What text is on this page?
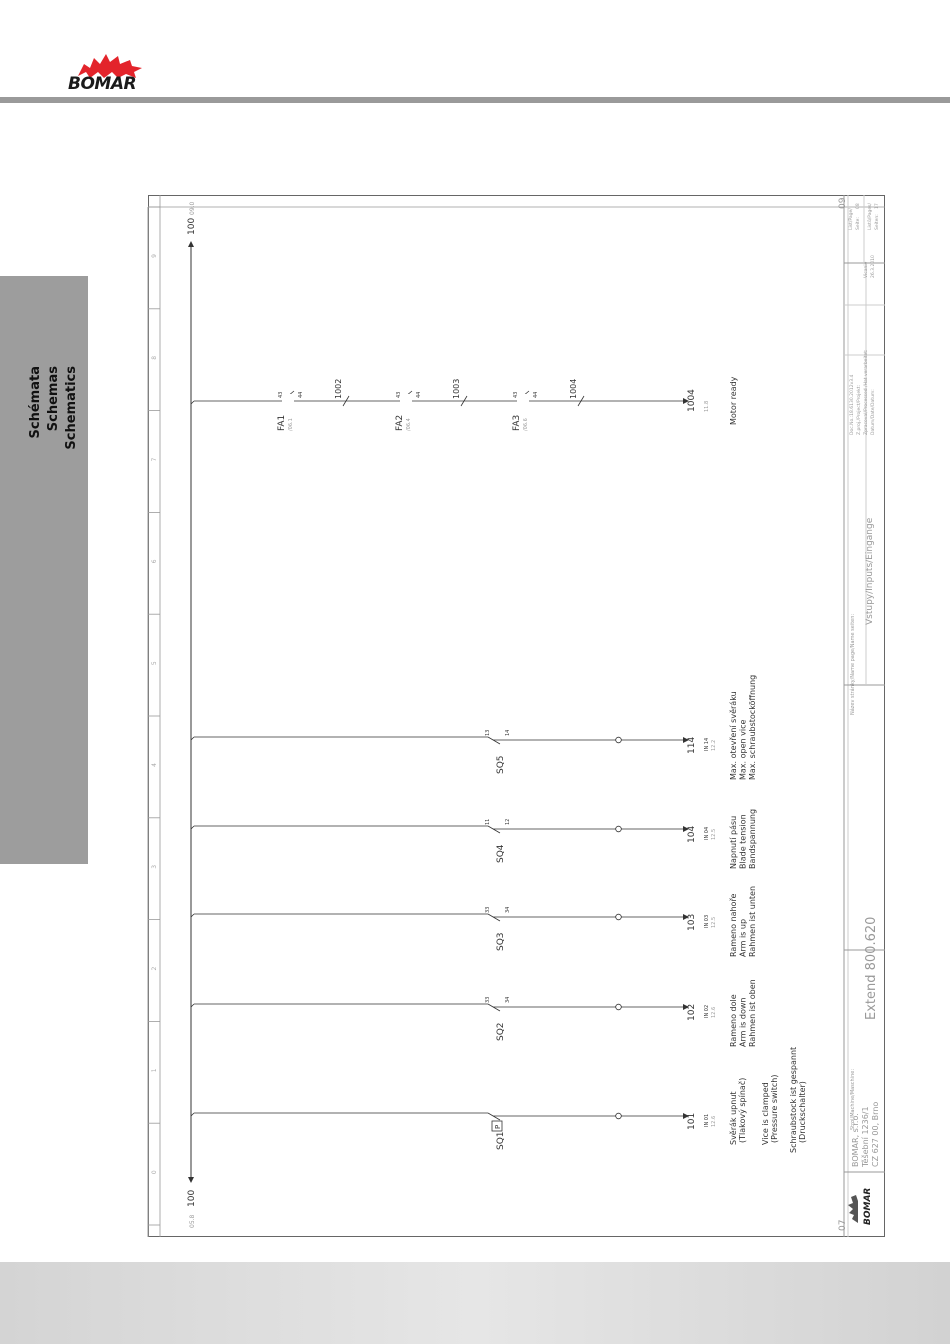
BOMAR
Schémata Schemas Schematics
0
1
2
3
4
5
6
7
8
9
07
09
100
05.8
100
09.0
SQ1
P	101 IN 01 12.6 Svěrák upnut (Tlakový spínač) Vice is clamped (Pressure switch) Schraubstock ist gespannt (Druckschalter)
SQ2
33	34
102 IN 02 12.6 Rameno dole Arm is down Rahmen ist oben
SQ3
33	34
103 IN 03 12.5 Rameno nahoře Arm is up Rahmen ist unten
SQ4
11	12
104 IN 04 12.5 Napnutí pásu Blade tension Bandspannung
SQ5
13	14
114 IN 14 12.2 Max. otevření svěráku Max. open vice Max. schraubstocköffnung
43	44
FA1 /06.1
43	44
FA2 /06.4
43	44
FA3 /06.6
1002	1003	1004
1004 11.8 Motor ready
BOMAR
BOMAR, s.r.o. Těšební 1236/1 CZ 627 00, Brno
Stroj/Machine/Maschine:
Extend 800.620
Název stránky/Name page/Name seiten:
Vstupy/Inputs/Eingange
Doc.No.:18.6130.2012v3.4 Z.proj./Project/Projekt: Zpracoval/Processed /Hat verarbeitet: Datum/Date/Datum:
Vicanie 26.3.2010
List/Page/ Seite:
08	Listů/Pages/ Seiten:
17
